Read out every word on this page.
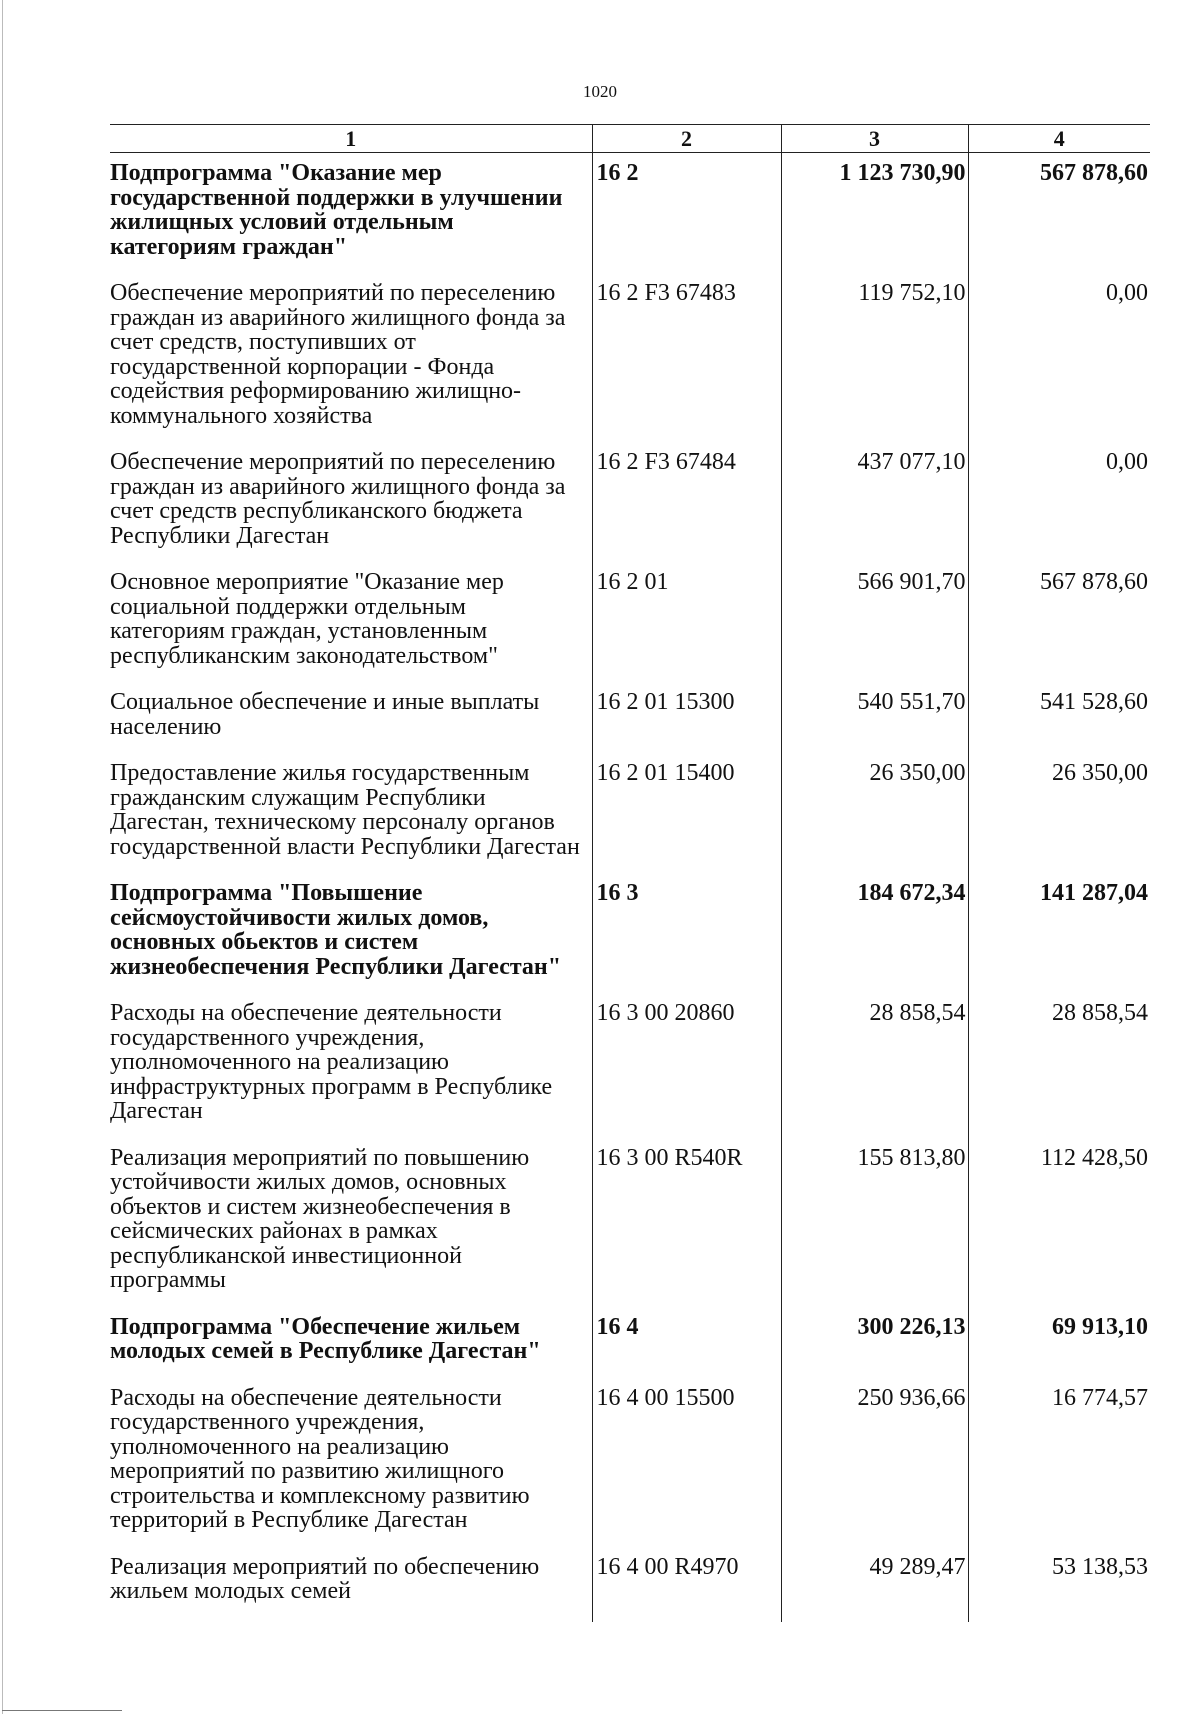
1020
1	2	3	4
Подпрограмма "Оказание мер государственной поддержки в улучшении жилищных условий отдельным категориям граждан"	16 2	1 123 730,90	567 878,60
Обеспечение мероприятий по переселению граждан из аварийного жилищного фонда за счет средств, поступивших от государственной корпорации - Фонда содействия реформированию жилищно-коммунального хозяйства	16 2 F3 67483	119 752,10	0,00
Обеспечение мероприятий по переселению граждан из аварийного жилищного фонда за счет средств республиканского бюджета Республики Дагестан	16 2 F3 67484	437 077,10	0,00
Основное мероприятие "Оказание мер социальной поддержки отдельным категориям граждан, установленным республиканским законодательством"	16 2 01	566 901,70	567 878,60
Социальное обеспечение и иные выплаты населению	16 2 01 15300	540 551,70	541 528,60
Предоставление жилья государственным гражданским служащим Республики Дагестан, техническому персоналу органов государственной власти Республики Дагестан	16 2 01 15400	26 350,00	26 350,00
Подпрограмма "Повышение сейсмоустойчивости жилых домов, основных обьектов и систем жизнеобеспечения Республики Дагестан"	16 3	184 672,34	141 287,04
Расходы на обеспечение деятельности государственного учреждения, уполномоченного на реализацию инфраструктурных программ в Республике Дагестан	16 3 00 20860	28 858,54	28 858,54
Реализация мероприятий по повышению устойчивости жилых домов, основных объектов и систем жизнеобеспечения в сейсмических районах в рамках республиканской инвестиционной программы	16 3 00 R540R	155 813,80	112 428,50
Подпрограмма "Обеспечение жильем молодых семей в Республике Дагестан"	16 4	300 226,13	69 913,10
Расходы на обеспечение деятельности государственного учреждения, уполномоченного на реализацию мероприятий по развитию жилищного строительства и комплексному развитию территорий в Республике Дагестан	16 4 00 15500	250 936,66	16 774,57
Реализация мероприятий по обеспечению жильем молодых семей	16 4 00 R4970	49 289,47	53 138,53
